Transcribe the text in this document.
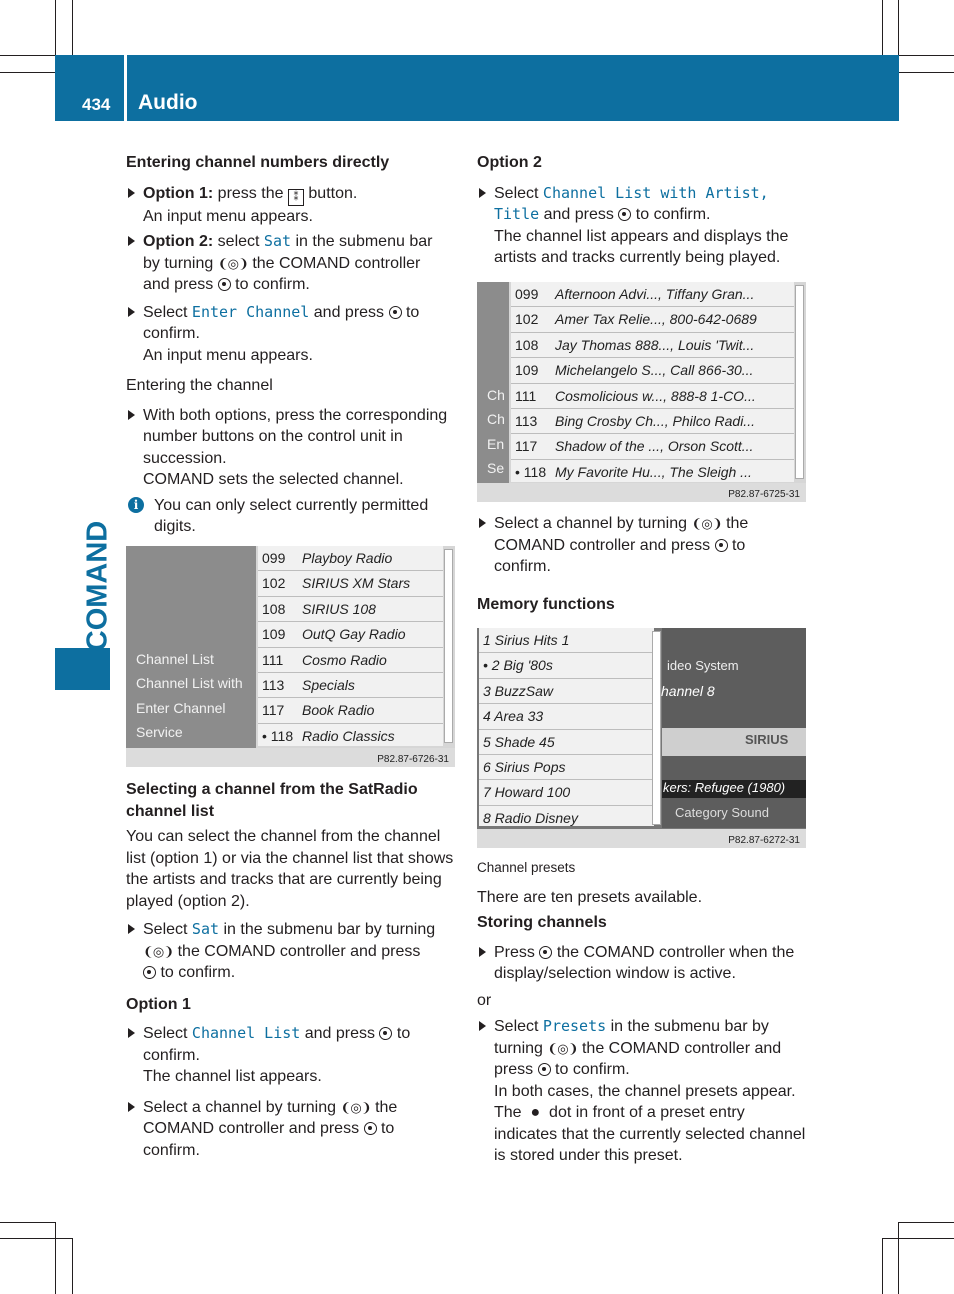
434 Audio
COMAND

Entering channel numbers directly

Option 1: press the ⁑ button.
An input menu appears.
Option 2: select Sat in the submenu bar
by turning ❨◎❩ the COMAND controller
and press to confirm.
Select Enter Channel and press to
confirm.
An input menu appears.

Entering the channel

With both options, press the corresponding number buttons on the control unit in succession.
COMAND sets the selected channel.
i You can only select currently permitted digits.
Channel List
Channel List with
Enter Channel
Service
099 Playboy Radio
102 SIRIUS XM Stars
108 SIRIUS 108
109 OutQ Gay Radio
111 Cosmo Radio
113 Specials
117 Book Radio
• 118 Radio Classics
P82.87-6726-31

Selecting a channel from the SatRadio channel list

You can select the channel from the channel list (option 1) or via the channel list that shows the artists and tracks that are currently being played (option 2).

Select Sat in the submenu bar by turning
❨◎❩ the COMAND controller and press
to confirm.

Option 1

Select Channel List and press to
confirm.
The channel list appears.
Select a channel by turning ❨◎❩ the
COMAND controller and press to
confirm.

Option 2

Select Channel List with Artist,
Title and press to confirm.
The channel list appears and displays the artists and tracks currently being played.
Ch
Ch
En
Se
099 Afternoon Advi..., Tiffany Gran...
102 Amer Tax Relie..., 800-642-0689
108 Jay Thomas 888..., Louis 'Twit...
109 Michelangelo S..., Call 866-30...
111 Cosmolicious w..., 888-8 1-CO...
113 Bing Crosby Ch..., Philco Radi...
117 Shadow of the ..., Orson Scott...
• 118 My Favorite Hu..., The Sleigh ...
P82.87-6725-31
Select a channel by turning ❨◎❩ the
COMAND controller and press to
confirm.

Memory functions

ideo System
hannel 8
SIRIUS
kers: Refugee (1980)
Category Sound
1 Sirius Hits 1
• 2 Big '80s
3 BuzzSaw
4 Area 33
5 Shade 45
6 Sirius Pops
7 Howard 100
8 Radio Disney
P82.87-6272-31

Channel presets

There are ten presets available.

Storing channels

Press the COMAND controller when the display/selection window is active.

or

Select Presets in the submenu bar by
turning ❨◎❩ the COMAND controller and
press to confirm.
In both cases, the channel presets appear.
The  ●  dot in front of a preset entry
indicates that the currently selected channel is stored under this preset.
